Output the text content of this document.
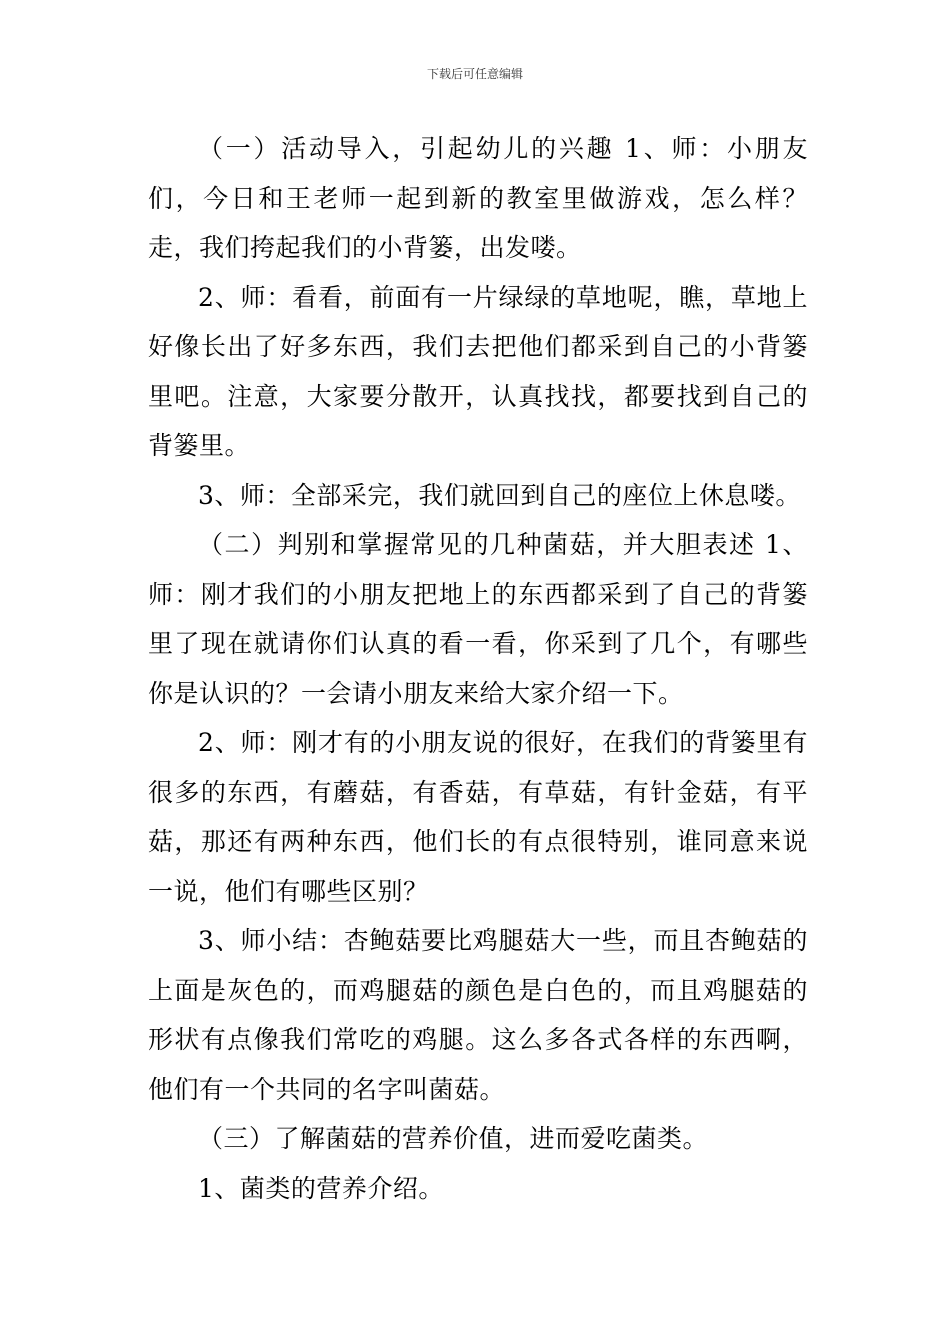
下载后可任意编辑

（一）活动导入，引起幼儿的兴趣 1、师：小朋友们，今日和王老师一起到新的教室里做游戏，怎么样？走，我们挎起我们的小背篓，出发喽。

2、师：看看，前面有一片绿绿的草地呢，瞧，草地上好像长出了好多东西，我们去把他们都采到自己的小背篓里吧。注意，大家要分散开，认真找找，都要找到自己的背篓里。

3、师：全部采完，我们就回到自己的座位上休息喽。

（二）判别和掌握常见的几种菌菇，并大胆表述 1、师：刚才我们的小朋友把地上的东西都采到了自己的背篓里了现在就请你们认真的看一看，你采到了几个，有哪些你是认识的？一会请小朋友来给大家介绍一下。

2、师：刚才有的小朋友说的很好，在我们的背篓里有很多的东西，有蘑菇，有香菇，有草菇，有针金菇，有平菇，那还有两种东西，他们长的有点很特别，谁同意来说一说，他们有哪些区别？

3、师小结：杏鲍菇要比鸡腿菇大一些，而且杏鲍菇的上面是灰色的，而鸡腿菇的颜色是白色的，而且鸡腿菇的形状有点像我们常吃的鸡腿。这么多各式各样的东西啊，他们有一个共同的名字叫菌菇。

（三）了解菌菇的营养价值，进而爱吃菌类。

1、菌类的营养介绍。
